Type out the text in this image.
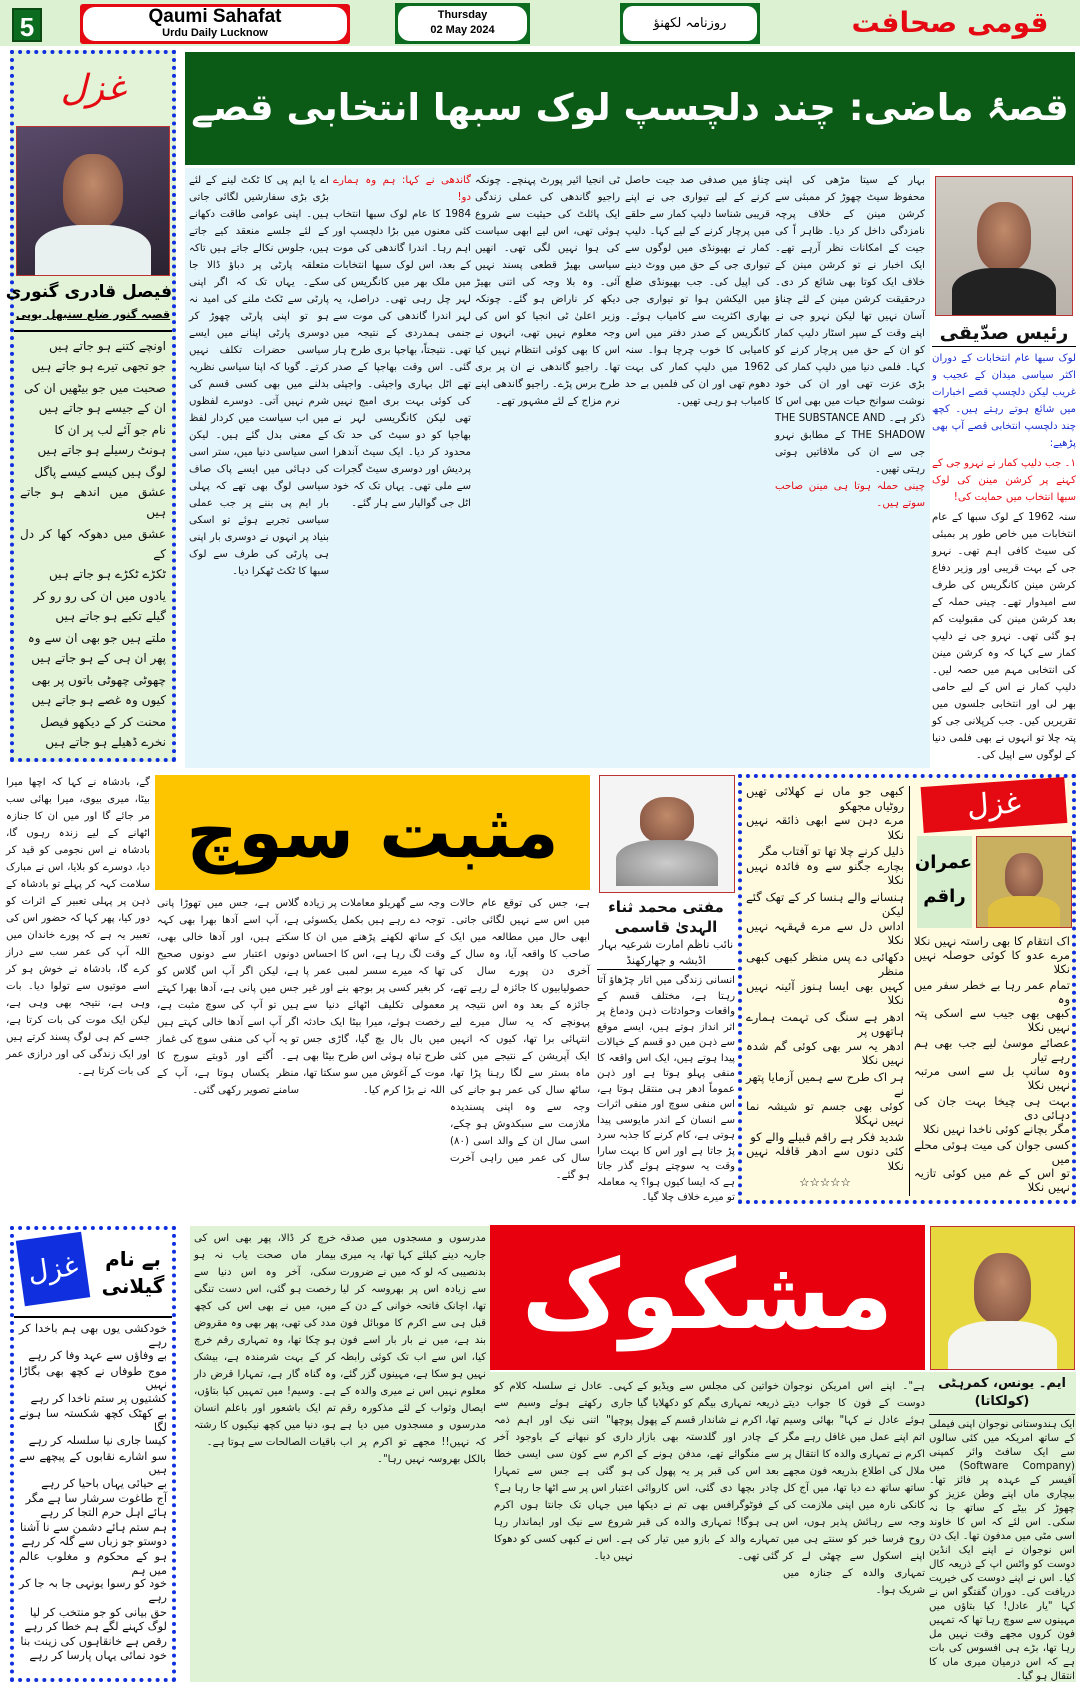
5	Qaumi Sahafat
Urdu Daily Lucknow
Thursday
02 May 2024	روزنامہ لکھنؤ	قومی صحافت
غزل
فیصل قادری گنوری
قصبہ گنور ضلع سنبھل یوپی
اونچے کتنے ہو جاتے ہیں
جو تجھی تیرے ہو جاتے ہیں
صحبت میں جو بیٹھیں ان کی
ان کے جیسے ہو جاتے ہیں
نام جو آئے لب پر ان کا
ہونٹ رسیلے ہو جاتے ہیں
لوگ ہیں کیسے کیسے پاگل
عشق میں اندھے ہو جاتے ہیں
عشق میں دھوکہ کھا کر دل کے
ٹکڑے ٹکڑے ہو جاتے ہیں
یادوں میں ان کی رو رو کر
گیلے تکیے ہو جاتے ہیں
ملتے ہیں جو بھی ان سے وہ
پھر ان ہی کے ہو جاتے ہیں
چھوٹی چھوٹی باتوں پر بھی
کیوں وہ غصے ہو جاتے ہیں
محنت کر کے دیکھو فیصل
نخرے ڈھیلے ہو جاتے ہیں
قصۂ ماضی: چند دلچسپ لوک سبھا انتخابی قصے
بہار کے سیتا مڑھی کی اپنی محفوظ سیٹ چھوڑ کر ممبئی سے کرشن مینن کے خلاف پرچہ نامزدگی داخل کر دیا۔ ظاہر اً کی جیت کے امکانات نظر آرہے تھے۔ ایک اخبار نے تو کرشن مینن کے خلاف ایک کوتا بھی شائع کر دی۔ درحقیقت کرشن مینن کے لئے چناؤ آسان نہیں تھا لیکن نہرو جی نے اپنے وقت کے سپر اسٹار دلیپ کمار کو ان کے حق میں پرچار کرنے کو کہا۔ فلمی دنیا میں دلیپ کمار کی بڑی عزت تھی اور ان کی خود نوشت سوانح حیات میں بھی اس کا ذکر ہے۔ THE SUBSTANCE AND THE SHADOW کے مطابق نہرو جی سے ان کی ملاقاتیں ہوتی رہتی تھیں۔
چینی حملہ ہوتا ہی مینن صاحب سوتے ہیں۔
چناؤ میں صدفی صد جیت حاصل کرنے کے لیے تیواری جی نے اپنے قریبی شناسا دلیپ کمار سے حلقے میں پرچار کرنے کے لیے کہا۔ دلیپ کمار نے بھیونڈی میں لوگوں سے تیواری جی کے حق میں ووٹ دینے کی اپیل کی۔ جب بھیونڈی ضلع میں الیکشن ہوا تو تیواری جی بھاری اکثریت سے کامیاب ہوئے۔ کانگریس کے صدر دفتر میں اس کامیابی کا خوب چرچا ہوا۔ سنہ 1962 میں دلیپ کمار کی بہت دھوم تھی اور ان کی فلمیں بے حد کامیاب ہو رہی تھیں۔
ٹی انجیا ائیر پورٹ پہنچے۔ چونکہ راجیو گاندھی کی عملی زندگی ایک پائلٹ کی حیثیت سے شروع ہوئی تھی، اس لیے ابھی سیاست کی ہوا نہیں لگی تھی۔ انھیں سیاسی بھیڑ قطعی پسند نہیں آئی۔ وہ بلا وجہ کی اتنی بھیڑ دیکھ کر ناراض ہو گئے۔ چونکہ وزیر اعلیٰ ٹی انجیا کو اس کی وجہ معلوم نہیں تھی، انہوں نے اس کا بھی کوئی انتظام نہیں کیا تھا۔ راجیو گاندھی نے ان پر بری طرح برس پڑے۔ راجیو گاندھی اپنے نرم مزاج کے لئے مشہور تھے۔
گاندھی نے کہا: ہم وہ ہمارے دو!
1984 کا عام لوک سبھا انتخاب کئی معنوں میں بڑا دلچسپ اور اہم رہا۔ اندرا گاندھی کی موت کے بعد، اس لوک سبھا انتخابات میں ملک بھر میں کانگریس کی لہر چل رہی تھی۔ دراصل، یہ لہر اندرا گاندھی کی موت سے جنمی ہمدردی کے نتیجہ میں تھی۔ نتیجتاً، بھاجپا بری طرح ہار گئی۔ اس وقت بھاجپا کے صدر تھے اٹل بہاری واجپئی۔ واجپئی کی کوئی بہت بری امیج نہیں تھی لیکن کانگریسی لہر نے بھاجپا کو دو سیٹ کی حد تک محدود کر دیا۔ ایک سیٹ آندھرا پردیش اور دوسری سیٹ گجرات سے ملی تھی۔ یہاں تک کہ خود اٹل جی گوالیار سے ہار گئے۔
اے یا ایم پی کا ٹکٹ لینے کے لئے بڑی بڑی سفارشیں لگائی جاتی ہیں۔ اپنی عوامی طاقت دکھانے کے لئے جلسے منعقد کیے جاتے ہیں، جلوس نکالے جاتے ہیں تاکہ متعلقہ پارٹی پر دباؤ ڈالا جا سکے۔ یہاں تک کہ اگر اپنی پارٹی سے ٹکٹ ملنے کی امید نہ ہو تو اپنی پارٹی چھوڑ کر دوسری پارٹی اپنانے میں ایسے سیاسی حضرات تکلف نہیں کرتے۔ گویا کہ اپنا سیاسی نظریہ بدلنے میں بھی کسی قسم کی شرم نہیں آتی۔ دوسرے لفظوں میں اب سیاست میں کردار لفظ کے معنی بدل گئے ہیں۔ لیکن اسی سیاسی دنیا میں، ستر اسی کی دہائی میں ایسے پاک صاف سیاسی لوگ بھی تھے کہ پہلی بار ایم پی بننے پر جب عملی سیاسی تجربے ہوئے تو اسکی بنیاد پر انہوں نے دوسری بار اپنی ہی پارٹی کی طرف سے لوک سبھا کا ٹکٹ ٹھکرا دیا۔
رئیس صدّیقی
لوک سبھا عام انتخابات کے دوران اکثر سیاسی میدان کے عجیب و غریب لیکن دلچسپ قصے اخبارات میں شائع ہوتے رہتے ہیں۔ کچھ چند دلچسپ انتخابی قصے آپ بھی پڑھیے:
۱۔ جب دلیپ کمار نے نہرو جی کے کہنے پر کرشن مینن کی لوک سبھا انتخاب میں حمایت کی!
سنہ 1962 کے لوک سبھا کے عام انتخابات میں خاص طور پر بمبئی کی سیٹ کافی اہم تھی۔ نہرو جی کے بہت قریبی اور وزیر دفاع کرشن مینن کانگریس کی طرف سے امیدوار تھے۔ چینی حملہ کے بعد کرشن مینن کی مقبولیت کم ہو گئی تھی۔ نہرو جی نے دلیپ کمار سے کہا کہ وہ کرشن مینن کی انتخابی مہم میں حصہ لیں۔ دلیپ کمار نے اس کے لیے حامی بھر لی اور انتخابی جلسوں میں تقریریں کیں۔ جب کرپلانی جی کو پتہ چلا تو انہوں نے بھی فلمی دنیا کے لوگوں سے اپیل کی۔
گے، بادشاہ نے کہا کہ اچھا میرا بیٹا، میری بیوی، میرا بھائی سب مر جائے گا اور میں ان کا جنازہ اٹھانے کے لیے زندہ رہوں گا، بادشاہ نے اس نجومی کو قید کر دیا، دوسرے کو بلایا، اس نے مبارک سلامت کہہ کر پہلے تو بادشاہ کے ذہن پر پہلی تعبیر کے اثرات کو دور کیا، پھر کہا کہ حضور اس کی تعبیر یہ ہے کہ پورے خاندان میں اللہ آپ کی عمر سب سے دراز کرے گا، بادشاہ نے خوش ہو کر اسے موتیوں سے تولوا دیا۔ بات وہی ہے، نتیجہ بھی وہی ہے، لیکن ایک موت کی بات کرتا ہے، جسے کم ہی لوگ پسند کرتے ہیں اور ایک زندگی کی اور درازی عمر کی بات کرتا ہے۔
مثبت سوچ
ہے، جس کی توقع عام حالات میں اس سے نہیں لگائی جاتی۔ ابھی حال میں مطالعہ میں ایک صاحب کا واقعہ آیا، وہ سال کے آخری دن پورے سال کی حصولیابیوں کا جائزہ لے رہے تھے، جائزہ کے بعد وہ اس نتیجہ پر پہونچے کہ یہ سال میرے لیے انتہائی برا تھا، کیوں کہ انہیں ایک آپریشن کے نتیجے میں کئی ماہ بستر سے لگا رہنا پڑا تھا، ساٹھ سال کی عمر ہو جانے کی وجہ سے وہ اپنی پسندیدہ ملازمت سے سبکدوش ہو چکے، اسی سال ان کے والد اسی (۸۰) سال کی عمر میں راہی آخرت ہو گئے۔
وجہ سے گھریلو معاملات پر زیادہ توجہ دے رہے ہیں بکمل یکسوئی کے ساتھ لکھنے پڑھنے میں ان کا وقت لگ رہا ہے، اس کا احساس تھا کہ میرے سسر لمبی عمر پا کر بغیر کسی پر بوجھ بنے اور غیر معمولی تکلیف اٹھائے دنیا سے رخصت ہوئے، میرا بیٹا ایک حادثہ میں بال بال بچ گیا، گاڑی جس طرح تباہ ہوئی اس طرح بیٹا بھی موت کے آغوش میں سو سکتا تھا، اللہ نے بڑا کرم کیا۔
گلاس ہے، جس میں تھوڑا پانی ہے، آپ اسے آدھا بھرا بھی کہہ سکتے ہیں، اور آدھا خالی بھی، دونوں اعتبار سے دونوں صحیح ہے، لیکن اگر آپ اس گلاس کو جس میں پانی ہے، آدھا بھرا کہتے ہیں تو آپ کی سوچ مثبت ہے، اگر آپ اسے آدھا خالی کہتے ہیں تو یہ آپ کی منفی سوچ کی غماز ہے۔ اُگتے اور ڈوبتے سورج کا منظر یکساں ہوتا ہے، آپ کے سامنے تصویر رکھی گئی۔
مفتی محمد ثناء الہدیٰ قاسمی
نائب ناظم امارت شرعیہ بہار
اڈیشہ و جھارکھنڈ
انسانی زندگی میں اتار چڑھاؤ آتا رہتا ہے، مختلف قسم کے واقعات وحوادثات ذہن ودماغ پر اثر انداز ہوتے ہیں، ایسے موقع سے ذہن میں دو قسم کے خیالات پیدا ہوتے ہیں، ایک اس واقعہ کا منفی پہلو ہوتا ہے اور ذہن عموماً ادھر ہی منتقل ہوتا ہے، اس منفی سوچ اور منفی اثرات سے انسان کے اندر مایوسی پیدا ہوتی ہے، کام کرنے کا جذبہ سرد پڑ جاتا ہے اور اس کا بہت سارا وقت یہ سوچتے ہوئے گذر جاتا ہے کہ ایسا کیوں ہوا؟ یہ معاملہ تو میرے خلاف چلا گیا۔
کبھی جو ماں نے کھلائی تھیں روٹیاں مجھکو
مرے دہن سے ابھی ذائقہ نہیں نکلا
ذلیل کرنے چلا تھا تو آفتاب مگر
بچارے جگنو سے وہ فائدہ نہیں نکلا
ہنسانے والے ہنسا کر کے تھک گئے لیکن
اداس دل سے مرے قہقہہ نہیں نکلا
دکھائی دے پس منظر کبھی کبھی منظر
کہیں بھی ایسا ہنوز آئینہ نہیں نکلا
ادھر ہے سنگ کی تہمت ہمارے ہاتھوں پر
ادھر یہ سر بھی کوئی گم شدہ نہیں نکلا
ہر اک طرح سے ہمیں آزمایا پتھر نے
کوئی بھی جسم تو شیشہ نما نہیں نہکلا
شدید فکر ہے راقم قبیلے والے کو
کئی دنوں سے ادھر قافلہ نہیں نکلا
☆☆☆☆☆
غزل
عمران راقم
اک انتقام کا بھی راستہ نہیں نکلا
مرے عدو کا کوئی حوصلہ نہیں نکلا
تمام عمر رہا بے خطر سفر میں وہ
کبھی بھی جیب سے اسکی پتہ نہیں نکلا
عصائے موسیٰ لیے جب بھی ہم رہے تیار
وہ سانپ بل سے اسی مرتبہ نہیں نکلا
بہت ہی چیخا بہت جان کی دہائی دی
مگر بچانے کوئی ناخدا نہیں نکلا
کسی جوان کی میت ہوئی محلے میں
تو اس کے غم میں کوئی تازیہ نہیں نکلا
غزل	بے نام گیلانی
خودکشی یوں بھی ہم باخدا کر رہے
بے وفاؤں سے عہد وفا کر رہے
موج طوفاں نے کچھ بھی بگاڑا نہیں
کشتیوں پر ستم ناخدا کر رہے
بے کھٹک کچھ شکستہ سا ہونے لگا
کیسا جاری نیا سلسلہ کر رہے
سو اشارے نقابوں کے پیچھے سے ہیں
بے حیائی یہاں باحیا کر رہے
آج طاغوت سرشار سا ہے مگر
ہائے اہل حرم التجا کر رہے
ہم ستم ہائے دشمن سے نا آشنا
دوستو جو زباں سے گلہ کر رہے
ہو کے محکوم و مغلوب عالم میں ہم
خود کو رسوا یونہی جا بہ جا کر رہے
حق بیانی کو جو منتخب کر لیا
لوگ کہنے لگے ہم خطا کر رہے
رقص ہے خانقاہوں کی زینت بنا
خود نمائی یہاں پارسا کر رہے
مدرسوں و مسجدوں میں صدقہ جاریہ دینے کیلئے کہا تھا، یہ میری بدنصیبی کہ لو کہ میں نے ضرورت سے زیادہ اس پر بھروسہ کر لیا تھا، اچانک فاتحہ خوانی کے دن کے قبل ہی سے اکرم کا موبائل فون بند ہے، میں نے بار بار اسے فون کیا، اس سے اب تک کوئی رابطہ نہیں ہو سکا ہے، مہینوں گزر گئے، معلوم نہیں اس نے میری والدہ کے ایصال وثواب کے لئے مذکورہ رقم مدرسوں و مسجدوں میں دیا ہے کہ نہیں!! مجھے تو اکرم پر اب بالکل بھروسہ نہیں رہا"۔
خرچ کر ڈالا، پھر بھی اس کی بیمار ماں صحت یاب نہ ہو سکی، آخر وہ اس دنیا سے رخصت ہو گئی، اس دست تنگی میں، میں نے بھی اس کی کچھ مدد کی تھی، پھر بھی وہ مقروض ہو چکا تھا، وہ تمہاری رقم خرچ کر کے بہت شرمندہ ہے، بیشک وہ گناہ گار ہے، تمہارا قرض دار ہے۔ وسیم! میں تمہیں کیا بتاؤں، تم ایک باشعور اور باعلم انسان ہو، دنیا میں کچھ نیکیوں کا رشتہ باقیات الصالحات سے ہوتا ہے۔
مشکوک
ایم۔ یونس، کمرہٹی (کولکاتا)
ایک ہندوستانی نوجوان اپنی فیملی کے ساتھ امریکہ میں کئی سالوں سے ایک سافٹ وائر کمپنی (Software Company) میں آفیسر کے عہدہ پر فائز تھا۔ بیچاری ماں اپنے وطن عزیز کو چھوڑ کر بیٹے کے ساتھ جا نہ سکی۔ اس لئے کہ اس کا خاوند اسی مٹی میں مدفون تھا۔ ایک دن اس نوجوان نے اپنے ایک انڈین دوست کو واٹس اپ کے ذریعہ کال کیا۔ اس نے اپنے دوست کی خیریت دریافت کی۔ دوران گفتگو اس نے کہا "یار عادل! کیا بتاؤں میں مہینوں سے سوچ رہا تھا کہ تمہیں فون کروں مجھے وقت نہیں مل رہا تھا، بڑے ہی افسوس کی بات ہے کہ اس درمیان میری ماں کا انتقال ہو گیا۔
ہے"۔ اپنے اس امریکن نوجوان دوست کے فون کا جواب دیتے ہوئے عادل نے کہا" بھائی وسیم اتم اپنے عمل میں غافل رہے مگر اکرم نے تمہاری والدہ کا انتقال پر ملال کی اطلاع بذریعہ فون مجھے ساتھ ساتھ دے دیا تھا، میں آج کل کانکی نارہ میں اپنی ملازمت کی وجہ سے رہائش پذیر ہوں، اس روح فرسا خبر کو سنتے ہی میں اپنے اسکول سے چھٹی لے کر تمہاری والدہ کے جنازہ میں شریک ہوا۔
خواتین کی مجلس سے ویڈیو کے ذریعہ تمہاری بیگم کو دکھلایا گیا تھا، اکرم نے شاندار قسم کے پھول کے چادر اور گلدستہ بھی بازار سے منگوائے تھے، مدفن ہونے کے بعد اس کی قبر پر یہ پھول کی چادر بچھا دی گئی، اس کاروائی کے فوٹوگرافس بھی تم نے دیکھا ہی ہوگا! تمہاری والدہ کی قبر تمہارے والد کے بازو میں تیار کی گئی تھی۔
کہی۔ عادل نے سلسلہ کلام کو جاری رکھتے ہوئے وسیم سے پوچھا" اتنی نیک اور اہم ذمہ داری کو نبھانے کے باوجود آخر اکرم سے کون سی ایسی خطا ہو گئی ہے جس سے تمہارا اعتبار اس پر سے اٹھا جا رہا ہے؟ میں جہاں تک جانتا ہوں اکرم شروع سے نیک اور ایماندار رہا ہے۔ اس نے کبھی کسی کو دھوکا نہیں دیا۔
